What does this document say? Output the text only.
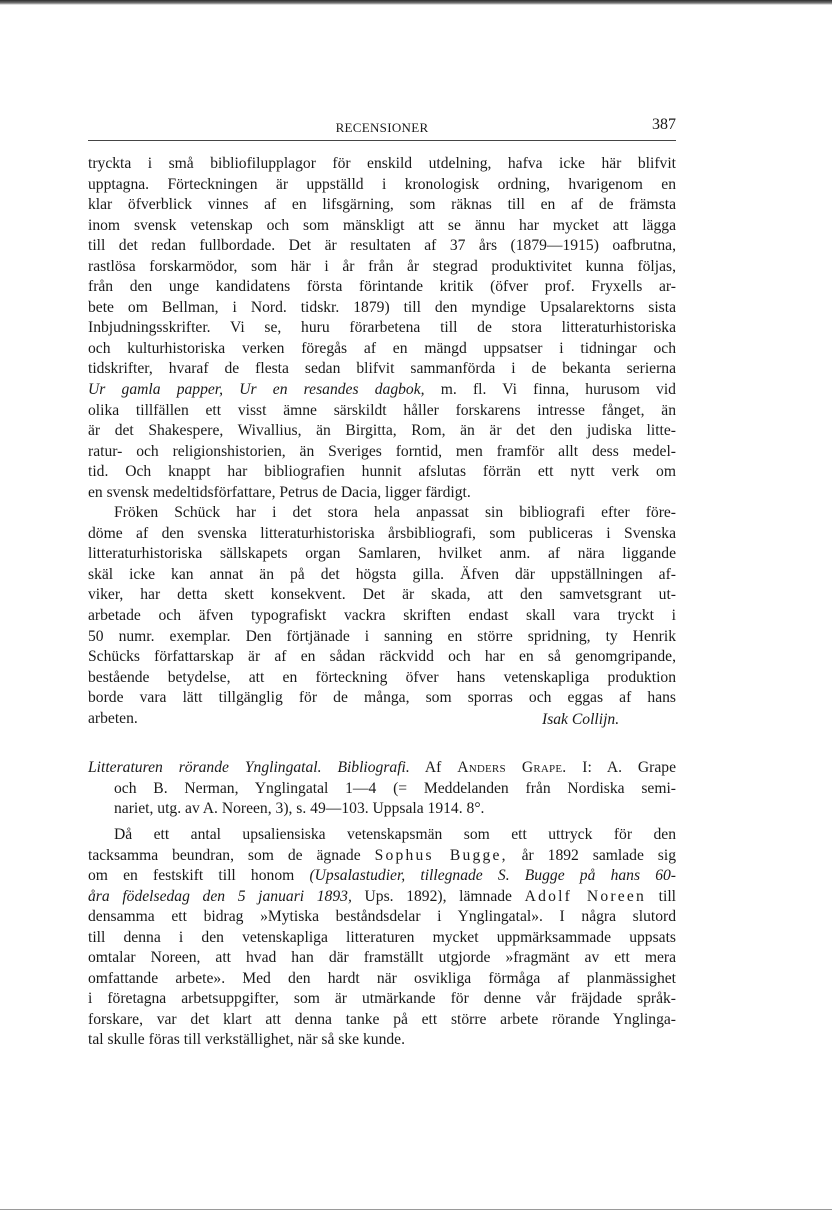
RECENSIONER	387
tryckta i små bibliofilupplagor för enskild utdelning, hafva icke här blifvit
upptagna. Förteckningen är uppställd i kronologisk ordning, hvarigenom en
klar öfverblick vinnes af en lifsgärning, som räknas till en af de främsta
inom svensk vetenskap och som mänskligt att se ännu har mycket att lägga
till det redan fullbordade. Det är resultaten af 37 års (1879—1915) oafbrutna,
rastlösa forskarmödor, som här i år från år stegrad produktivitet kunna följas,
från den unge kandidatens första förintande kritik (öfver prof. Fryxells ar-
bete om Bellman, i Nord. tidskr. 1879) till den myndige Upsalarektorns sista
Inbjudningsskrifter. Vi se, huru förarbetena till de stora litteraturhistoriska
och kulturhistoriska verken föregås af en mängd uppsatser i tidningar och
tidskrifter, hvaraf de flesta sedan blifvit sammanförda i de bekanta serierna
Ur gamla papper, Ur en resandes dagbok, m. fl. Vi finna, hurusom vid
olika tillfällen ett visst ämne särskildt håller forskarens intresse fånget, än
är det Shakespere, Wivallius, än Birgitta, Rom, än är det den judiska litte-
ratur- och religionshistorien, än Sveriges forntid, men framför allt dess medel-
tid. Och knappt har bibliografien hunnit afslutas förrän ett nytt verk om
en svensk medeltidsförfattare, Petrus de Dacia, ligger färdigt.
Fröken Schück har i det stora hela anpassat sin bibliografi efter före-
döme af den svenska litteraturhistoriska årsbibliografi, som publiceras i Svenska
litteraturhistoriska sällskapets organ Samlaren, hvilket anm. af nära liggande
skäl icke kan annat än på det högsta gilla. Äfven där uppställningen af-
viker, har detta skett konsekvent. Det är skada, att den samvetsgrant ut-
arbetade och äfven typografiskt vackra skriften endast skall vara tryckt i
50 numr. exemplar. Den förtjänade i sanning en större spridning, ty Henrik
Schücks författarskap är af en sådan räckvidd och har en så genomgripande,
bestående betydelse, att en förteckning öfver hans vetenskapliga produktion
borde vara lätt tillgänglig för de många, som sporras och eggas af hans
arbeten.	Isak Collijn.
Litteraturen rörande Ynglingatal. Bibliografi. Af Anders Grape. I: A. Grape
och B. Nerman, Ynglingatal 1—4 (= Meddelanden från Nordiska semi-
nariet, utg. av A. Noreen, 3), s. 49—103. Uppsala 1914. 8°.
Då ett antal upsaliensiska vetenskapsmän som ett uttryck för den
tacksamma beundran, som de ägnade Sophus Bugge, år 1892 samlade sig
om en festskift till honom (Upsalastudier, tillegnade S. Bugge på hans 60-
åra födelsedag den 5 januari 1893, Ups. 1892), lämnade Adolf Noreen till
densamma ett bidrag »Mytiska beståndsdelar i Ynglingatal». I några slutord
till denna i den vetenskapliga litteraturen mycket uppmärksammade uppsats
omtalar Noreen, att hvad han där framställt utgjorde »fragmänt av ett mera
omfattande arbete». Med den hardt när osvikliga förmåga af planmässighet
i företagna arbetsuppgifter, som är utmärkande för denne vår fräjdade språk-
forskare, var det klart att denna tanke på ett större arbete rörande Ynglinga-
tal skulle föras till verkställighet, när så ske kunde.
